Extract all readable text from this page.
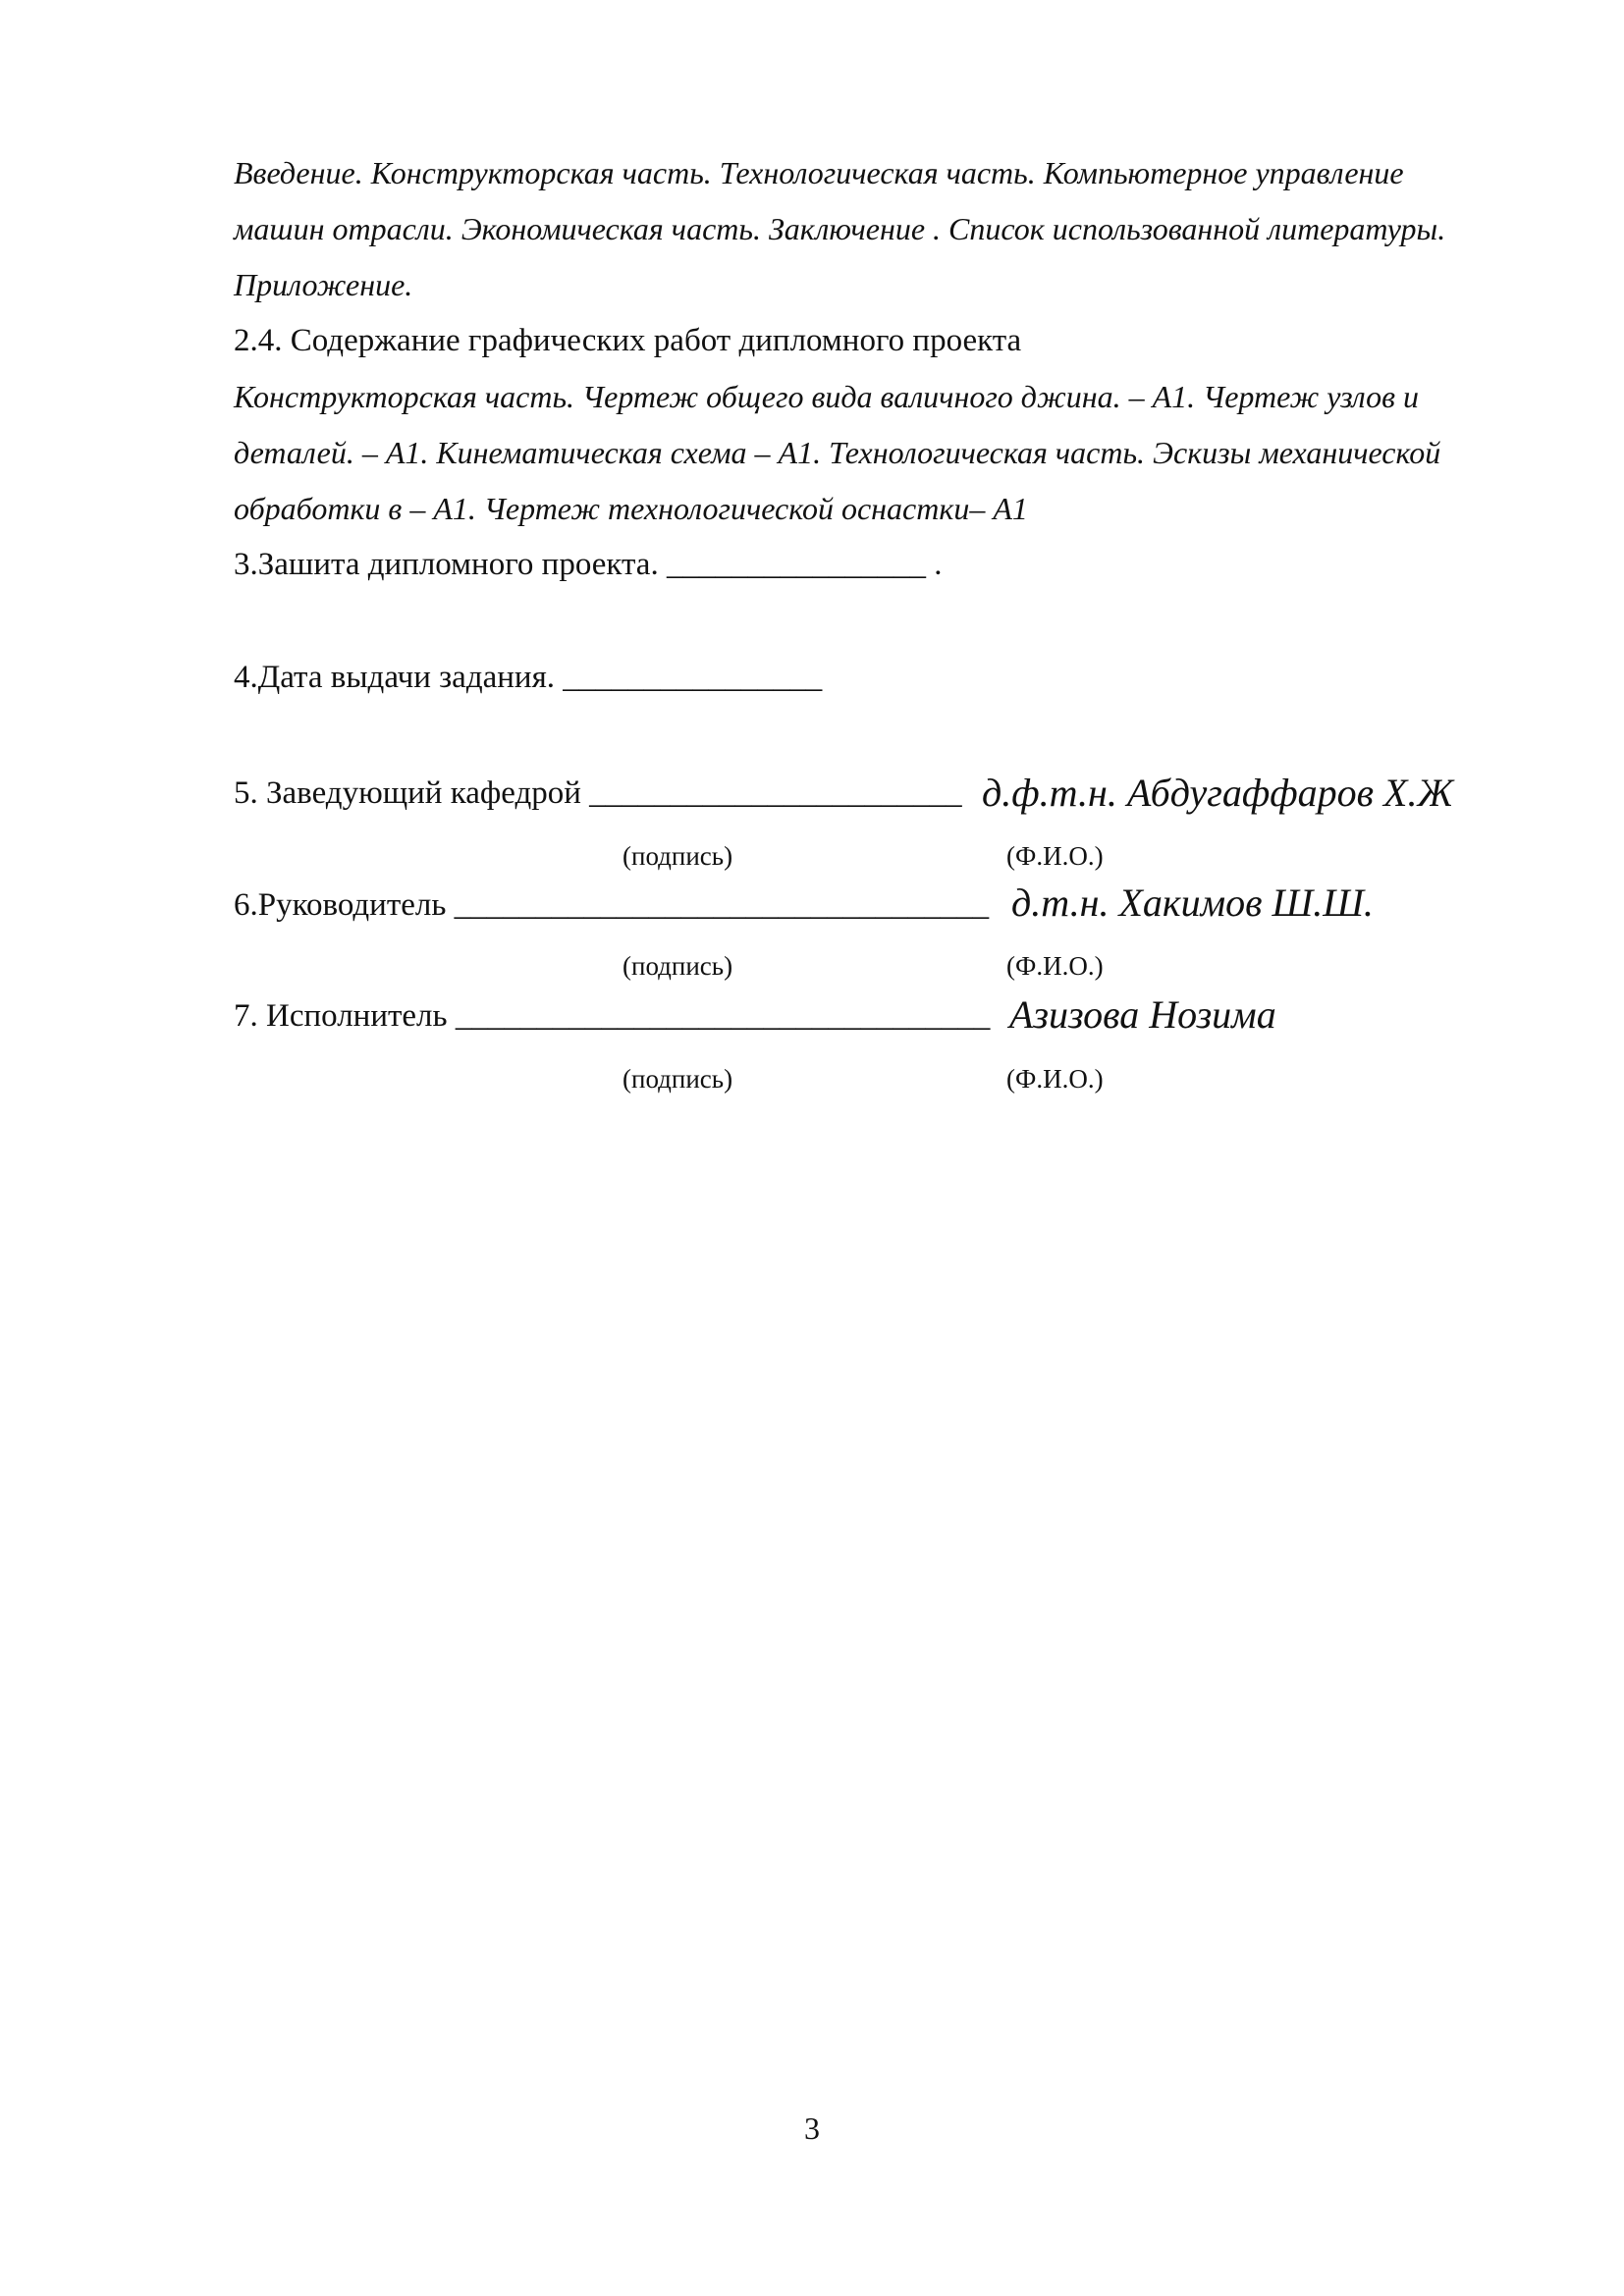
Введение. Конструкторская часть. Технологическая часть. Компьютерное управление
машин отрасли. Экономическая часть. Заключение . Список использованной литературы.
Приложение.
2.4. Содержание графических работ дипломного проекта
Конструкторская часть. Чертеж общего вида валичного джина. – А1. Чертеж узлов и
деталей. – А1. Кинематическая схема – А1. Технологическая часть. Эскизы механической
обработки в – А1. Чертеж технологической оснастки– А1
3.Зашита дипломного проекта. ________________ .
4.Дата выдачи задания. ________________
5. Заведующий кафедрой _______________________ д.ф.т.н. Абдугаффаров Х.Ж
(подпись)	(Ф.И.О.)
6.Руководитель _________________________________ д.т.н. Хакимов Ш.Ш.
(подпись)	(Ф.И.О.)
7. Исполнитель _________________________________ Азизова Нозима
(подпись)	(Ф.И.О.)
3
